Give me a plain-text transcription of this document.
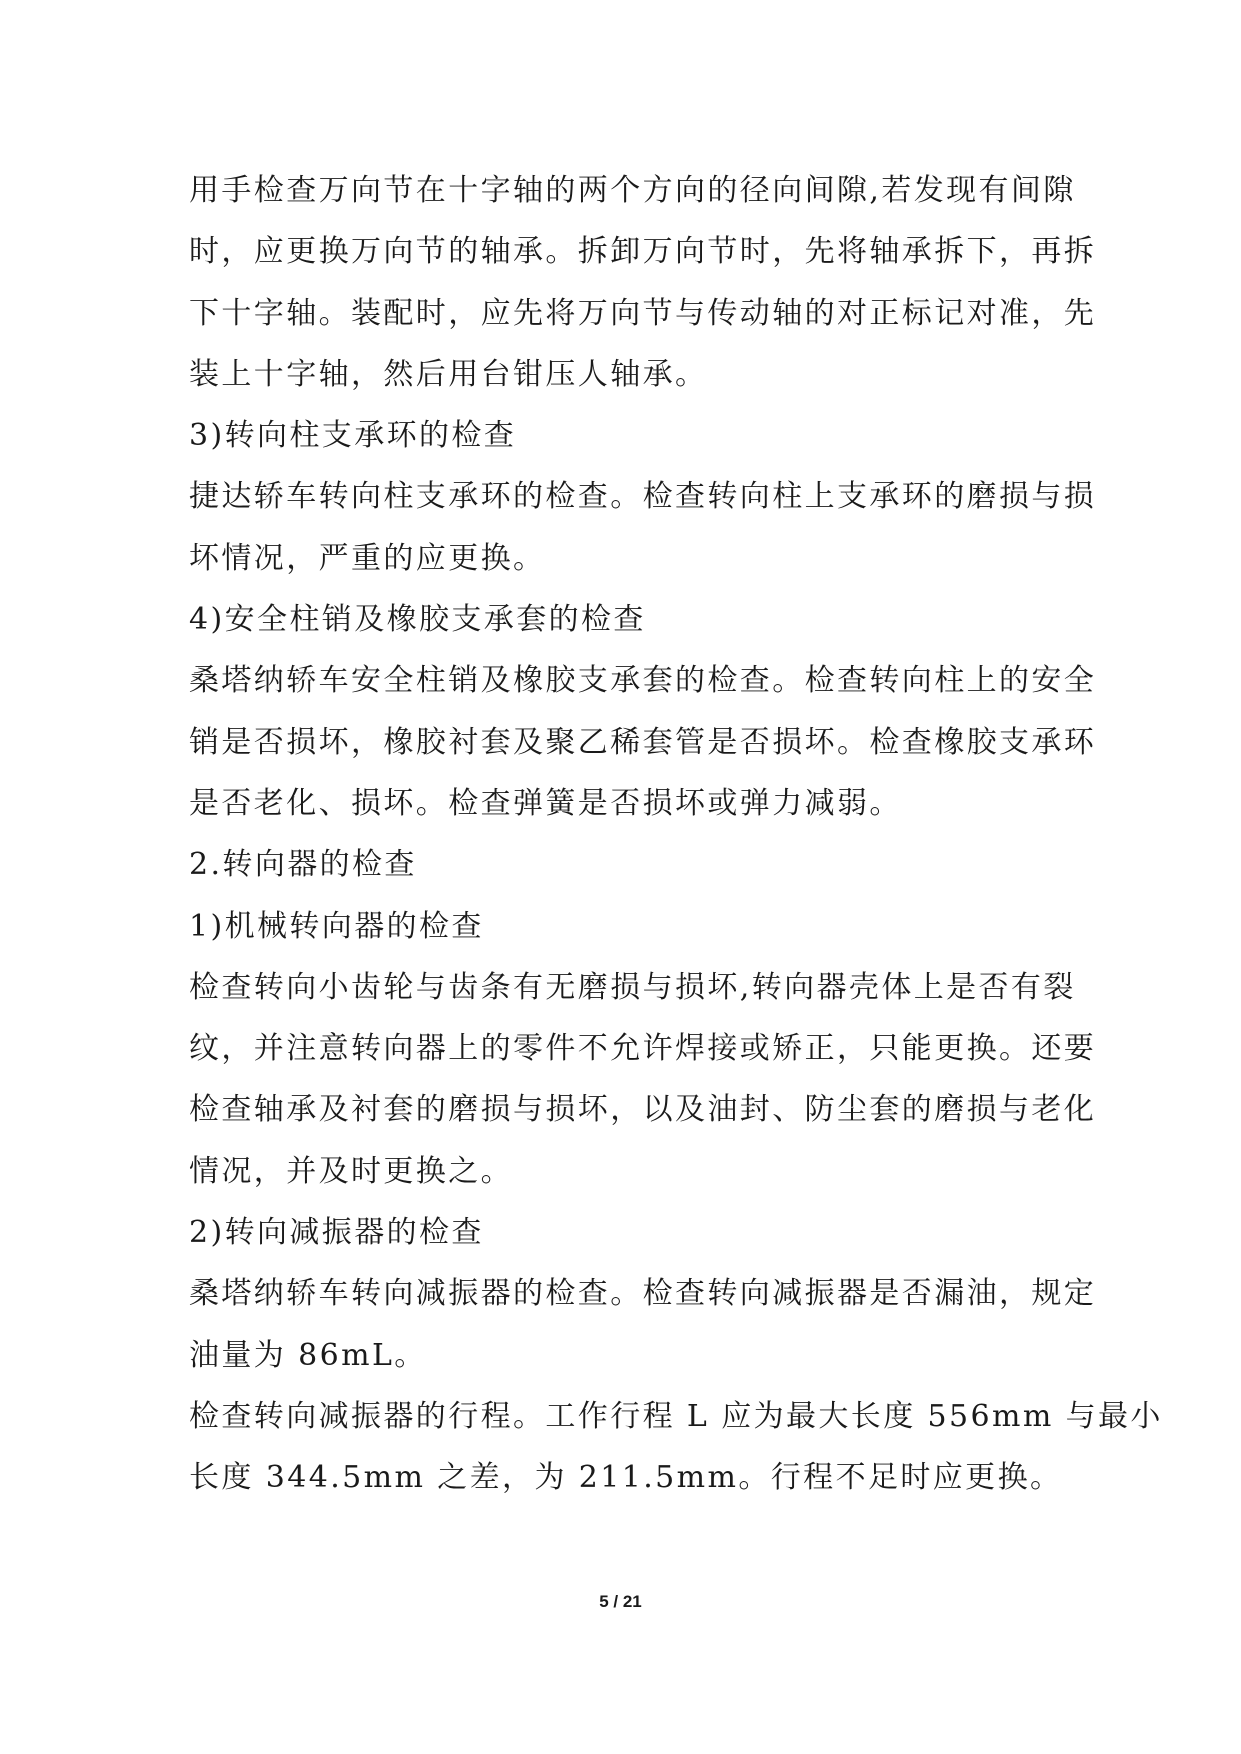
用手检查万向节在十字轴的两个方向的径向间隙,若发现有间隙
时，应更换万向节的轴承。拆卸万向节时，先将轴承拆下，再拆
下十字轴。装配时，应先将万向节与传动轴的对正标记对准，先
装上十字轴，然后用台钳压人轴承。
3)转向柱支承环的检查
捷达轿车转向柱支承环的检查。检查转向柱上支承环的磨损与损
坏情况，严重的应更换。
4)安全柱销及橡胶支承套的检查
桑塔纳轿车安全柱销及橡胶支承套的检查。检查转向柱上的安全
销是否损坏，橡胶衬套及聚乙稀套管是否损坏。检查橡胶支承环
是否老化、损坏。检查弹簧是否损坏或弹力减弱。
2.转向器的检查
1)机械转向器的检查
检查转向小齿轮与齿条有无磨损与损坏,转向器壳体上是否有裂
纹，并注意转向器上的零件不允许焊接或矫正，只能更换。还要
检查轴承及衬套的磨损与损坏，以及油封、防尘套的磨损与老化
情况，并及时更换之。
2)转向减振器的检查
桑塔纳轿车转向减振器的检查。检查转向减振器是否漏油，规定
油量为 86mL。
检查转向减振器的行程。工作行程 L 应为最大长度 556mm 与最小
长度 344.5mm 之差，为 211.5mm。行程不足时应更换。
5 / 21
